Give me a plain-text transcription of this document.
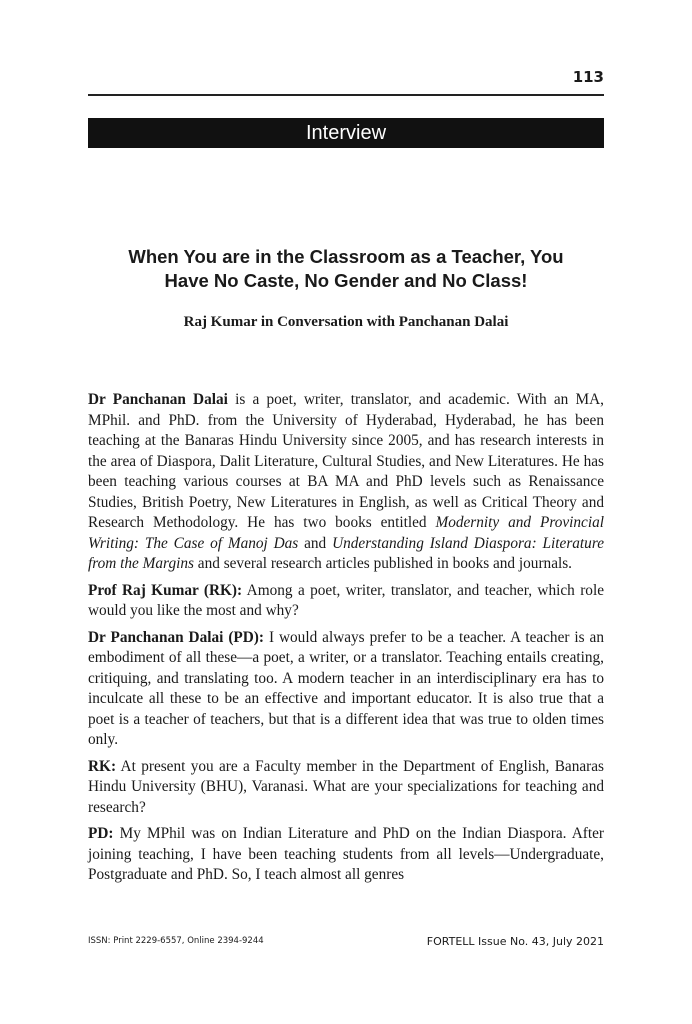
113
Interview
When You are in the Classroom as a Teacher, You
Have No Caste, No Gender and No Class!
Raj Kumar in Conversation with Panchanan Dalai

Dr Panchanan Dalai is a poet, writer, translator, and academic. With an MA, MPhil. and PhD. from the University of Hyderabad, Hyderabad, he has been teaching at the Banaras Hindu University since 2005, and has research interests in the area of Diaspora, Dalit Literature, Cultural Studies, and New Literatures. He has been teaching various courses at BA MA and PhD levels such as Renaissance Studies, British Poetry, New Literatures in English, as well as Critical Theory and Research Methodology. He has two books entitled Modernity and Provincial Writing: The Case of Manoj Das and Understanding Island Diaspora: Literature from the Margins and several research articles published in books and journals.

Prof Raj Kumar (RK): Among a poet, writer, translator, and teacher, which role would you like the most and why?

Dr Panchanan Dalai (PD): I would always prefer to be a teacher. A teacher is an embodiment of all these—a poet, a writer, or a translator. Teaching entails creating, critiquing, and translating too. A modern teacher in an interdisciplinary era has to inculcate all these to be an effective and important educator. It is also true that a poet is a teacher of teachers, but that is a different idea that was true to olden times only.

RK: At present you are a Faculty member in the Department of English, Banaras Hindu University (BHU), Varanasi. What are your specializations for teaching and research?

PD: My MPhil was on Indian Literature and PhD on the Indian Diaspora. After joining teaching, I have been teaching students from all levels—Undergraduate, Postgraduate and PhD. So, I teach almost all genres

ISSN: Print 2229-6557, Online 2394-9244	FORTELL Issue No. 43, July 2021
